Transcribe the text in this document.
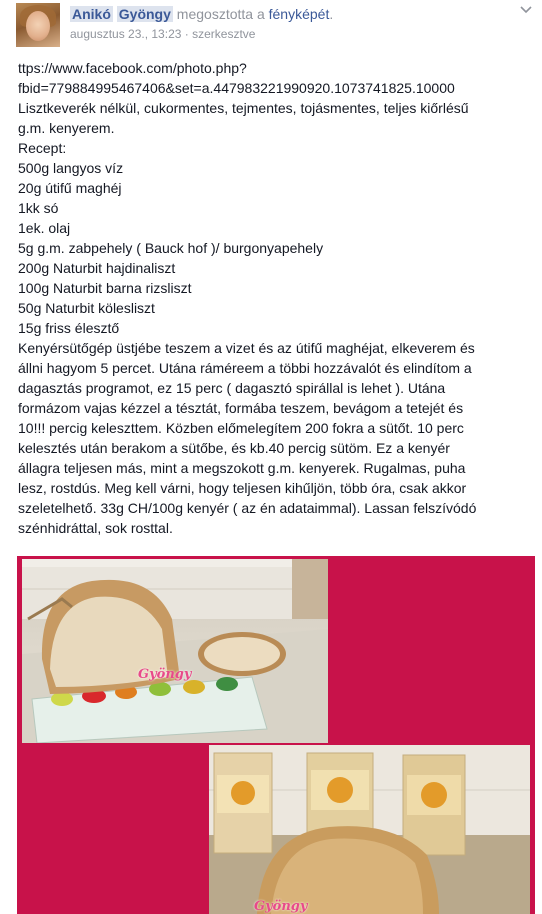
Anikó Gyöngy megosztotta a fényképét.
augusztus 23., 13:23 · szerkesztve
ttps://www.facebook.com/photo.php?
fbid=779884995467406&set=a.447983221990920.1073741825.10000
Lisztkeverék nélkül, cukormentes, tejmentes, tojásmentes, teljes kiőrlésű
g.m. kenyerem.
Recept:
500g langyos víz
20g útifű maghéj
1kk só
1ek. olaj
5g g.m. zabpehely ( Bauck hof )/ burgonyapehely
200g Naturbit hajdinaliszt
100g Naturbit barna rizsliszt
50g Naturbit kölesliszt
15g friss élesztő
Kenyérsütőgép üstjébe teszem a vizet és az útifű maghéjat, elkeverem és
állni hagyom 5 percet. Utána ráméreem a többi hozzávalót és elindítom a
dagasztás programot, ez 15 perc ( dagasztó spirállal is lehet ). Utána
formázom vajas kézzel a tésztát, formába teszem, bevágom a tetejét és
10!!! percig keleszttem. Közben előmelegítem 200 fokra a sütőt. 10 perc
kelesztés után berakom a sütőbe, és kb.40 percig sütöm. Ez a kenyér
állagra teljesen más, mint a megszokott g.m. kenyerek. Rugalmas, puha
lesz, rostdús. Meg kell várni, hogy teljesen kihűljön, több óra, csak akkor
szeletelhető. 33g CH/100g kenyér ( az én adataimmal). Lassan felszívódó
szénhidráttal, sok rosttal.
Gyöngy
Gyöngy
